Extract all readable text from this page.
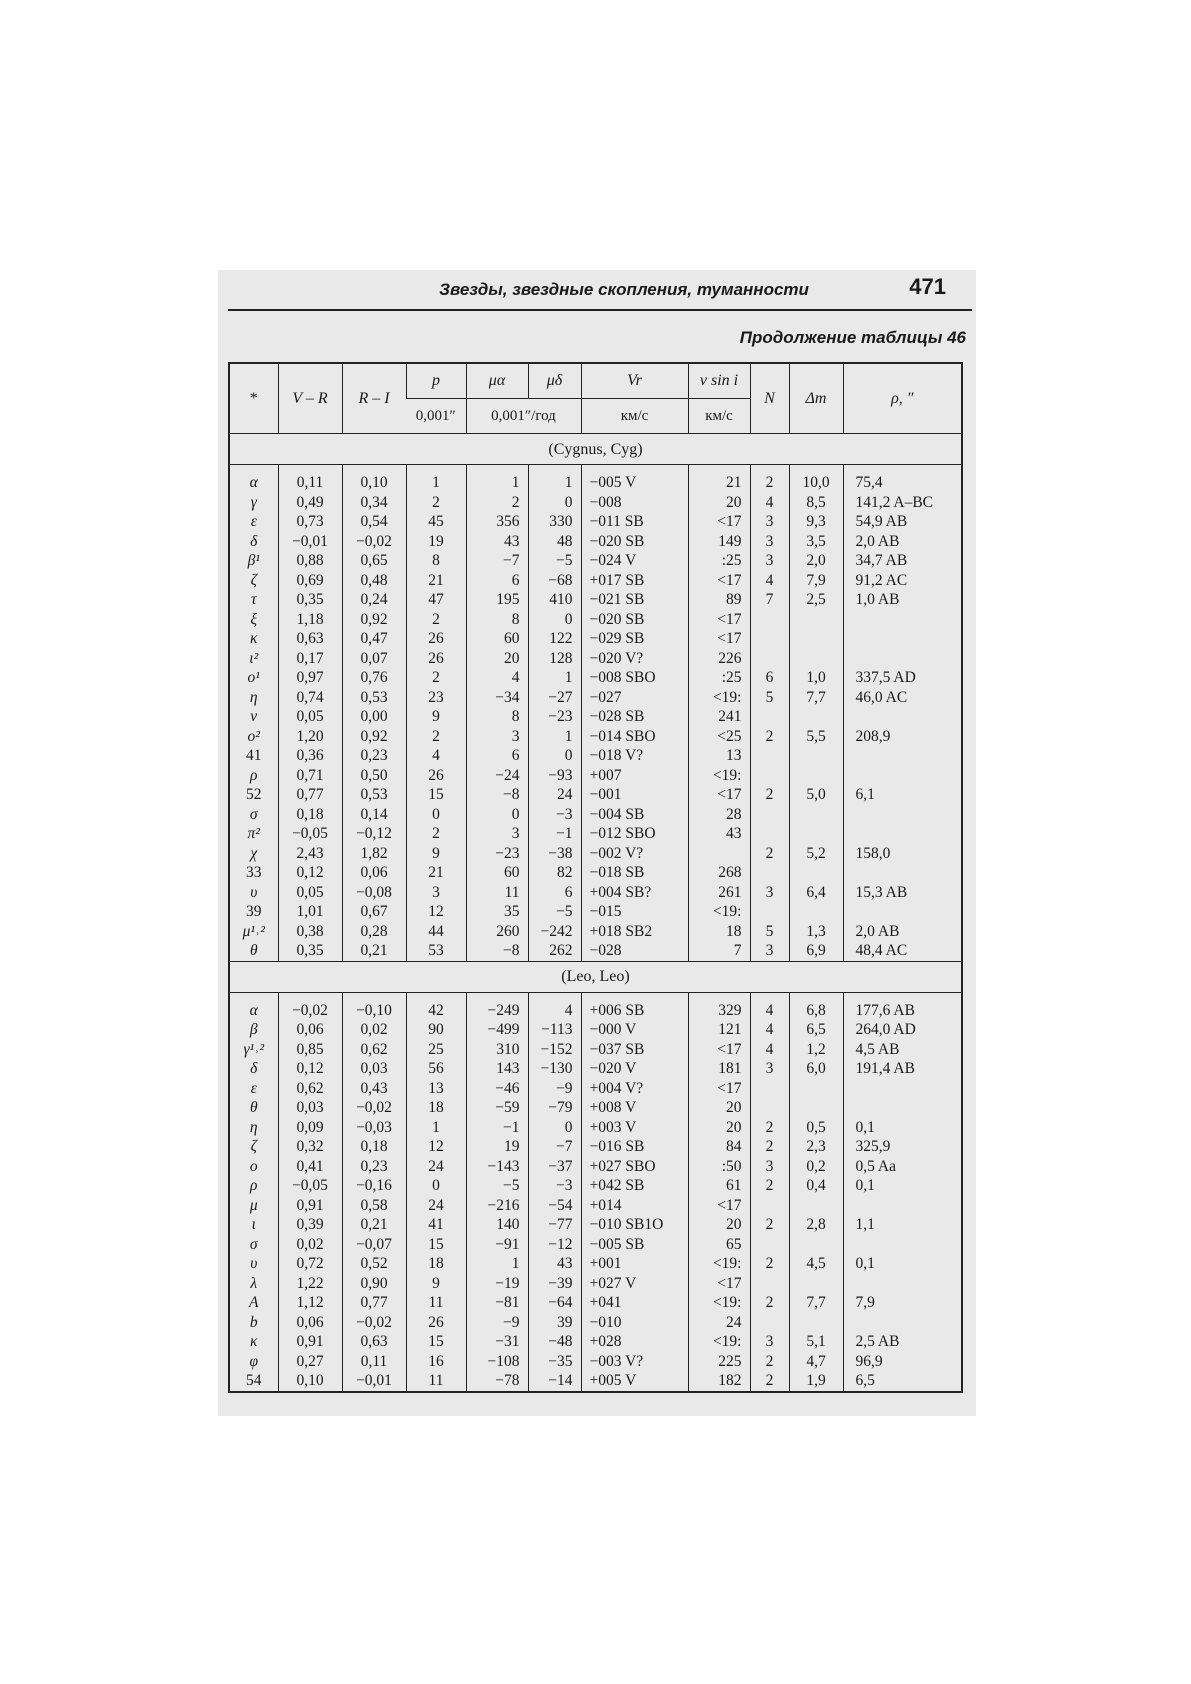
Звезды, звездные скопления, туманности	471
Продолжение таблицы 46
*	V – R	R – I	p	μα	μδ	Vr	v sin i	N	Δm	ρ, ″
			0,001″	0,001″/год		км/с	км/с			
(Cygnus, Cyg)										

α	0,11	0,10	1	1	1	−005 V	21	2	10,0	75,4
γ	0,49	0,34	2	2	0	−008	20	4	8,5	141,2 A–BC
ε	0,73	0,54	45	356	330	−011 SB	<17	3	9,3	54,9 AB
δ	−0,01	−0,02	19	43	48	−020 SB	149	3	3,5	2,0 AB
β¹	0,88	0,65	8	−7	−5	−024 V	:25	3	2,0	34,7 AB
ζ	0,69	0,48	21	6	−68	+017 SB	<17	4	7,9	91,2 AC
τ	0,35	0,24	47	195	410	−021 SB	89	7	2,5	1,0 AB
ξ	1,18	0,92	2	8	0	−020 SB	<17			
κ	0,63	0,47	26	60	122	−029 SB	<17			
ι²	0,17	0,07	26	20	128	−020 V?	226			
o¹	0,97	0,76	2	4	1	−008 SBO	:25	6	1,0	337,5 AD
η	0,74	0,53	23	−34	−27	−027	<19:	5	7,7	46,0 AC
ν	0,05	0,00	9	8	−23	−028 SB	241			
o²	1,20	0,92	2	3	1	−014 SBO	<25	2	5,5	208,9
41	0,36	0,23	4	6	0	−018 V?	13			
ρ	0,71	0,50	26	−24	−93	+007	<19:			
52	0,77	0,53	15	−8	24	−001	<17	2	5,0	6,1
σ	0,18	0,14	0	0	−3	−004 SB	28			
π²	−0,05	−0,12	2	3	−1	−012 SBO	43			
χ	2,43	1,82	9	−23	−38	−002 V?		2	5,2	158,0
33	0,12	0,06	21	60	82	−018 SB	268			
υ	0,05	−0,08	3	11	6	+004 SB?	261	3	6,4	15,3 AB
39	1,01	0,67	12	35	−5	−015	<19:			
μ¹˒²	0,38	0,28	44	260	−242	+018 SB2	18	5	1,3	2,0 AB
θ	0,35	0,21	53	−8	262	−028	7	3	6,9	48,4 AC
(Leo, Leo)										

α	−0,02	−0,10	42	−249	4	+006 SB	329	4	6,8	177,6 AB
β	0,06	0,02	90	−499	−113	−000 V	121	4	6,5	264,0 AD
γ¹˒²	0,85	0,62	25	310	−152	−037 SB	<17	4	1,2	4,5 AB
δ	0,12	0,03	56	143	−130	−020 V	181	3	6,0	191,4 AB
ε	0,62	0,43	13	−46	−9	+004 V?	<17			
θ	0,03	−0,02	18	−59	−79	+008 V	20			
η	0,09	−0,03	1	−1	0	+003 V	20	2	0,5	0,1
ζ	0,32	0,18	12	19	−7	−016 SB	84	2	2,3	325,9
o	0,41	0,23	24	−143	−37	+027 SBO	:50	3	0,2	0,5 Aa
ρ	−0,05	−0,16	0	−5	−3	+042 SB	61	2	0,4	0,1
μ	0,91	0,58	24	−216	−54	+014	<17			
ι	0,39	0,21	41	140	−77	−010 SB1O	20	2	2,8	1,1
σ	0,02	−0,07	15	−91	−12	−005 SB	65			
υ	0,72	0,52	18	1	43	+001	<19:	2	4,5	0,1
λ	1,22	0,90	9	−19	−39	+027 V	<17			
A	1,12	0,77	11	−81	−64	+041	<19:	2	7,7	7,9
b	0,06	−0,02	26	−9	39	−010	24			
κ	0,91	0,63	15	−31	−48	+028	<19:	3	5,1	2,5 AB
φ	0,27	0,11	16	−108	−35	−003 V?	225	2	4,7	96,9
54	0,10	−0,01	11	−78	−14	+005 V	182	2	1,9	6,5
